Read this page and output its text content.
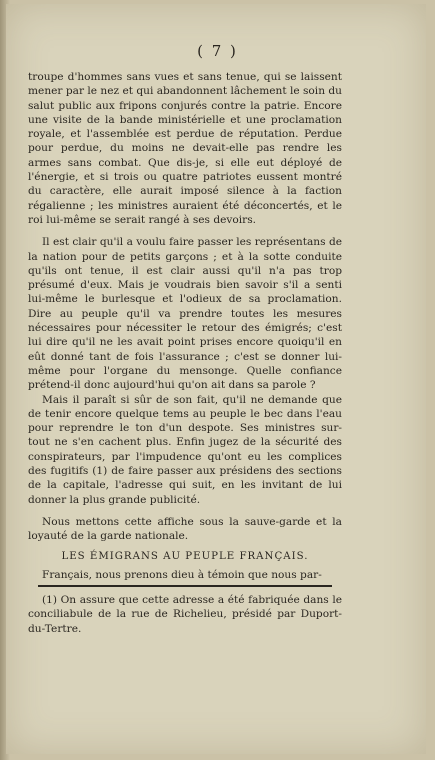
( 7 )

troupe d'hommes sans vues et sans tenue, qui se laissent mener par le nez et qui abandonnent lâchement le soin du salut public aux fripons conjurés contre la patrie. Encore une visite de la bande ministérielle et une proclamation royale, et l'assemblée est perdue de réputation. Perdue pour perdue, du moins ne devait-elle pas rendre les armes sans combat. Que dis-je, si elle eut déployé de l'énergie, et si trois ou quatre patriotes eussent montré du caractère, elle aurait imposé silence à la faction régalienne ; les ministres auraient été déconcertés, et le roi lui-même se serait rangé à ses devoirs.

Il est clair qu'il a voulu faire passer les représentans de la nation pour de petits garçons ; et à la sotte conduite qu'ils ont tenue, il est clair aussi qu'il n'a pas trop présumé d'eux. Mais je voudrais bien savoir s'il a senti lui-même le burlesque et l'odieux de sa proclamation. Dire au peuple qu'il va prendre toutes les mesures nécessaires pour nécessiter le retour des émigrés; c'est lui dire qu'il ne les avait point prises encore quoiqu'il en eût donné tant de fois l'assurance ; c'est se donner lui-même pour l'organe du mensonge. Quelle confiance prétend-il donc aujourd'hui qu'on ait dans sa parole ?

Mais il paraît si sûr de son fait, qu'il ne demande que de tenir encore quelque tems au peuple le bec dans l'eau pour reprendre le ton d'un despote. Ses ministres sur-tout ne s'en cachent plus. Enfin jugez de la sécurité des conspirateurs, par l'impudence qu'ont eu les complices des fugitifs (1) de faire passer aux présidens des sections de la capitale, l'adresse qui suit, en les invitant de lui donner la plus grande publicité.

Nous mettons cette affiche sous la sauve-garde et la loyauté de la garde nationale.

LES ÉMIGRANS AU PEUPLE FRANÇAIS.

Français, nous prenons dieu à témoin que nous par-

(1) On assure que cette adresse a été fabriquée dans le conciliabule de la rue de Richelieu, présidé par Duport-du-Tertre.
